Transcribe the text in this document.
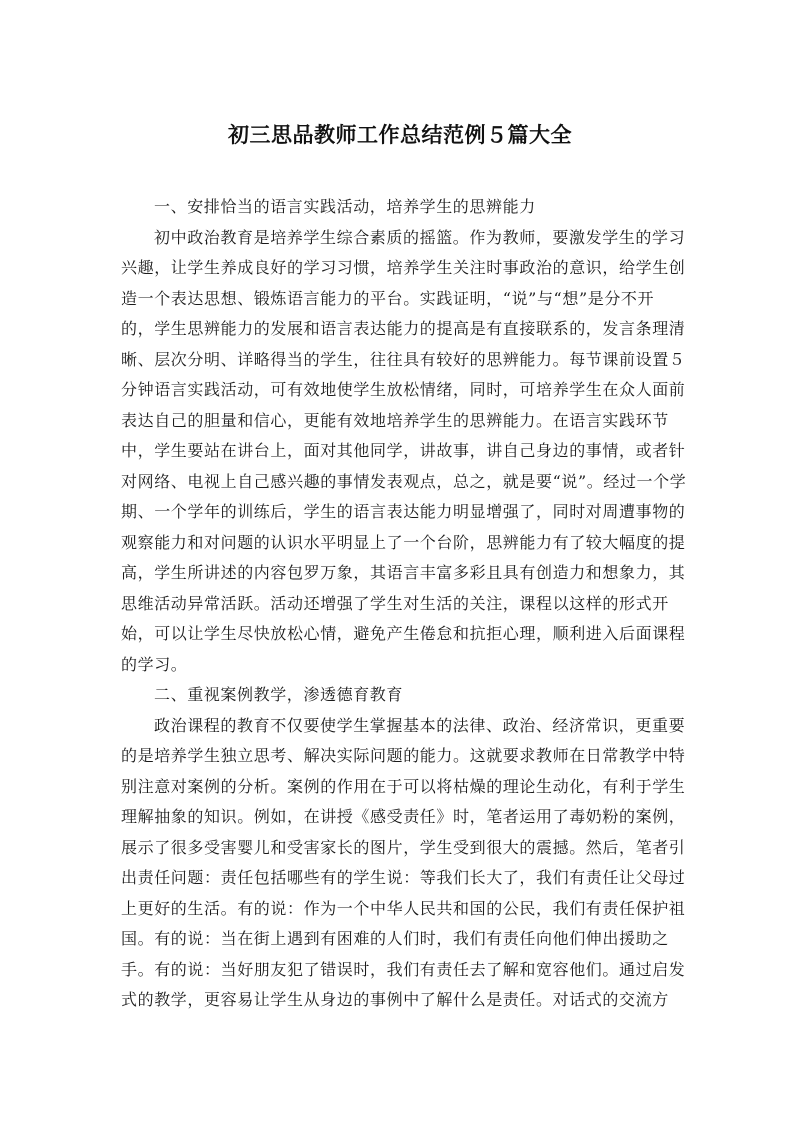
初三思品教师工作总结范例５篇大全
一、安排恰当的语言实践活动，培养学生的思辨能力
初中政治教育是培养学生综合素质的摇篮。作为教师，要激发学生的学习
兴趣，让学生养成良好的学习习惯，培养学生关注时事政治的意识，给学生创
造一个表达思想、锻炼语言能力的平台。实践证明，“说”与“想”是分不开
的，学生思辨能力的发展和语言表达能力的提高是有直接联系的，发言条理清
晰、层次分明、详略得当的学生，往往具有较好的思辨能力。每节课前设置５
分钟语言实践活动，可有效地使学生放松情绪，同时，可培养学生在众人面前
表达自己的胆量和信心，更能有效地培养学生的思辨能力。在语言实践环节
中，学生要站在讲台上，面对其他同学，讲故事，讲自己身边的事情，或者针
对网络、电视上自己感兴趣的事情发表观点，总之，就是要“说”。经过一个学
期、一个学年的训练后，学生的语言表达能力明显增强了，同时对周遭事物的
观察能力和对问题的认识水平明显上了一个台阶，思辨能力有了较大幅度的提
高，学生所讲述的内容包罗万象，其语言丰富多彩且具有创造力和想象力，其
思维活动异常活跃。活动还增强了学生对生活的关注，课程以这样的形式开
始，可以让学生尽快放松心情，避免产生倦怠和抗拒心理，顺利进入后面课程
的学习。
二、重视案例教学，渗透德育教育
政治课程的教育不仅要使学生掌握基本的法律、政治、经济常识，更重要
的是培养学生独立思考、解决实际问题的能力。这就要求教师在日常教学中特
别注意对案例的分析。案例的作用在于可以将枯燥的理论生动化，有利于学生
理解抽象的知识。例如，在讲授《感受责任》时，笔者运用了毒奶粉的案例，
展示了很多受害婴儿和受害家长的图片，学生受到很大的震撼。然后，笔者引
出责任问题：责任包括哪些有的学生说：等我们长大了，我们有责任让父母过
上更好的生活。有的说：作为一个中华人民共和国的公民，我们有责任保护祖
国。有的说：当在街上遇到有困难的人们时，我们有责任向他们伸出援助之
手。有的说：当好朋友犯了错误时，我们有责任去了解和宽容他们。通过启发
式的教学，更容易让学生从身边的事例中了解什么是责任。对话式的交流方
